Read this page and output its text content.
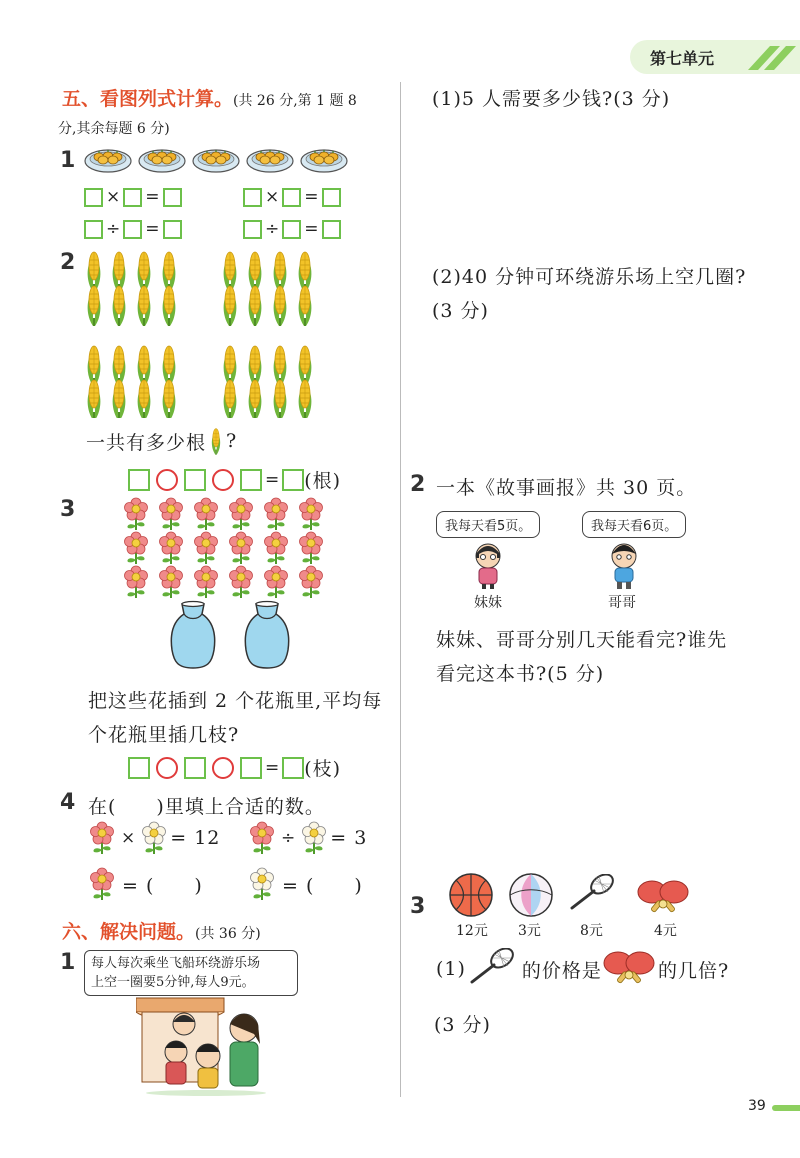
第七单元
五、看图列式计算。(共 26 分,第 1 题 8
分,其余每题 6 分)
1
× =	× =
÷ =	÷ =
2
一共有多少根 ?
= (根)
3
把这些花插到 2 个花瓶里,平均每
个花瓶里插几枝?
= (枝)
4 在(　　)里填上合适的数。
× = 12	÷ = 3
= (　　)	= (　　)
六、解决问题。(共 36 分)
1 每人每次乘坐飞船环绕游乐场
上空一圈要5分钟,每人9元。
(1)5 人需要多少钱?(3 分)
(2)40 分钟可环绕游乐场上空几圈?
(3 分)
2 一本《故事画报》共 30 页。
我每天看5页。	我每天看6页。
妹妹	哥哥
妹妹、哥哥分别几天能看完?谁先
看完这本书?(5 分)
3
12元 3元	8元	4元
(1)	的价格是	的几倍?
(3 分)
39
